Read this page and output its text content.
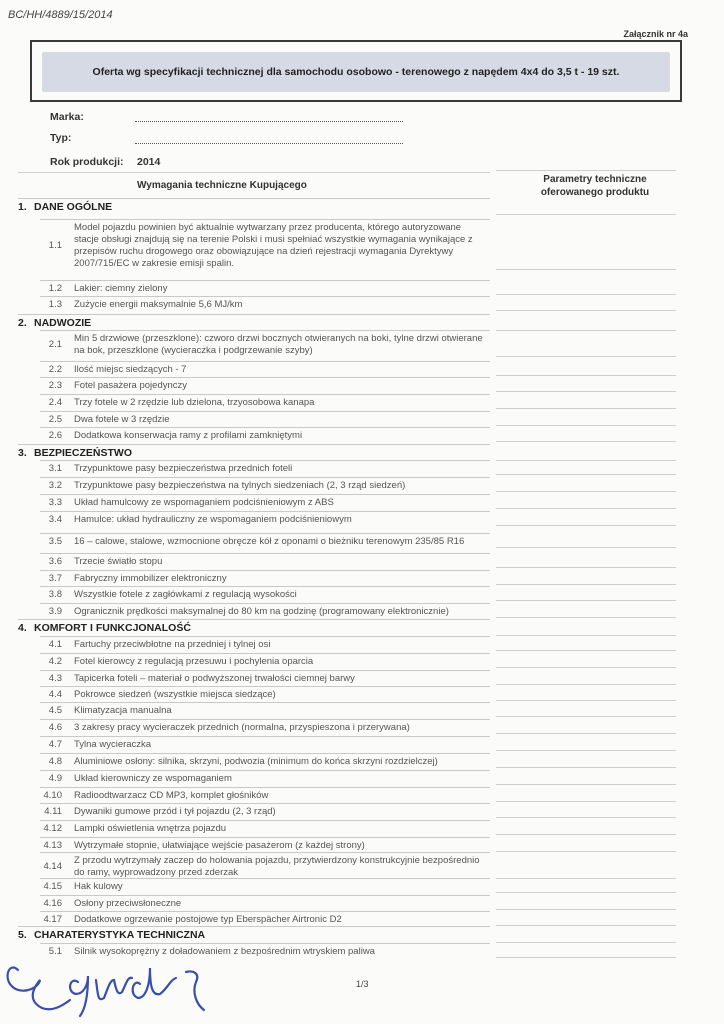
BC/HH/4889/15/2014
Załącznik nr 4a
Oferta wg specyfikacji technicznej dla samochodu osobowo - terenowego z napędem 4x4 do 3,5 t - 19 szt.
Marka:
Typ:
Rok produkcji: 2014
Wymagania techniczne Kupującego
Parametry techniczne
oferowanego produktu
1. DANE OGÓLNE
1.1
Model pojazdu powinien być aktualnie wytwarzany przez producenta, którego autoryzowane stacje obsługi znajdują się na terenie Polski i musi spełniać wszystkie wymagania wynikające z przepisów ruchu drogowego oraz obowiązujące na dzień rejestracji wymagania Dyrektywy 2007/715/EC w zakresie emisji spalin.
1.2 Lakier: ciemny zielony
1.3 Zużycie energii maksymalnie 5,6 MJ/km
2. NADWOZIE
2.1
Min 5 drzwiowe (przeszklone): czworo drzwi bocznych otwieranych na boki, tylne drzwi otwierane na bok, przeszklone (wycieraczka i podgrzewanie szyby)
2.2 Ilość miejsc siedzących - 7
2.3 Fotel pasażera pojedynczy
2.4 Trzy fotele w 2 rzędzie lub dzielona, trzyosobowa kanapa
2.5 Dwa fotele w 3 rzędzie
2.6 Dodatkowa konserwacja ramy z profilami zamkniętymi
3. BEZPIECZEŃSTWO
3.1 Trzypunktowe pasy bezpieczeństwa przednich foteli
3.2 Trzypunktowe pasy bezpieczeństwa na tylnych siedzeniach (2, 3 rząd siedzeń)
3.3 Układ hamulcowy ze wspomaganiem podciśnieniowym z ABS
3.4 Hamulce: układ hydrauliczny ze wspomaganiem podciśnieniowym
3.5 16 – calowe, stalowe, wzmocnione obręcze kół z oponami o bieżniku terenowym 235/85 R16
3.6 Trzecie światło stopu
3.7 Fabryczny immobilizer elektroniczny
3.8 Wszystkie fotele z zagłówkami z regulacją wysokości
3.9 Ogranicznik prędkości maksymalnej do 80 km na godzinę (programowany elektronicznie)
4. KOMFORT I FUNKCJONALOŚĆ
4.1 Fartuchy przeciwbłotne na przedniej i tylnej osi
4.2 Fotel kierowcy z regulacją przesuwu i pochylenia oparcia
4.3 Tapicerka foteli – materiał o podwyższonej trwałości ciemnej barwy
4.4 Pokrowce siedzeń (wszystkie miejsca siedzące)
4.5 Klimatyzacja manualna
4.6 3 zakresy pracy wycieraczek przednich (normalna, przyspieszona i przerywana)
4.7 Tylna wycieraczka
4.8 Aluminiowe osłony: silnika, skrzyni, podwozia (minimum do końca skrzyni rozdzielczej)
4.9 Układ kierowniczy ze wspomaganiem
4.10 Radioodtwarzacz CD MP3, komplet głośników
4.11 Dywaniki gumowe przód i tył pojazdu (2, 3 rząd)
4.12 Lampki oświetlenia wnętrza pojazdu
4.13 Wytrzymałe stopnie, ułatwiające wejście pasażerom (z każdej strony)
4.14
Z przodu wytrzymały zaczep do holowania pojazdu, przytwierdzony konstrukcyjnie bezpośrednio do ramy, wyprowadzony przed zderzak
4.15 Hak kulowy
4.16 Osłony przeciwsłoneczne
4.17 Dodatkowe ogrzewanie postojowe typ Eberspächer Airtronic D2
5. CHARATERYSTYKA TECHNICZNA
5.1 Silnik wysokoprężny z doładowaniem z bezpośrednim wtryskiem paliwa
1/3
